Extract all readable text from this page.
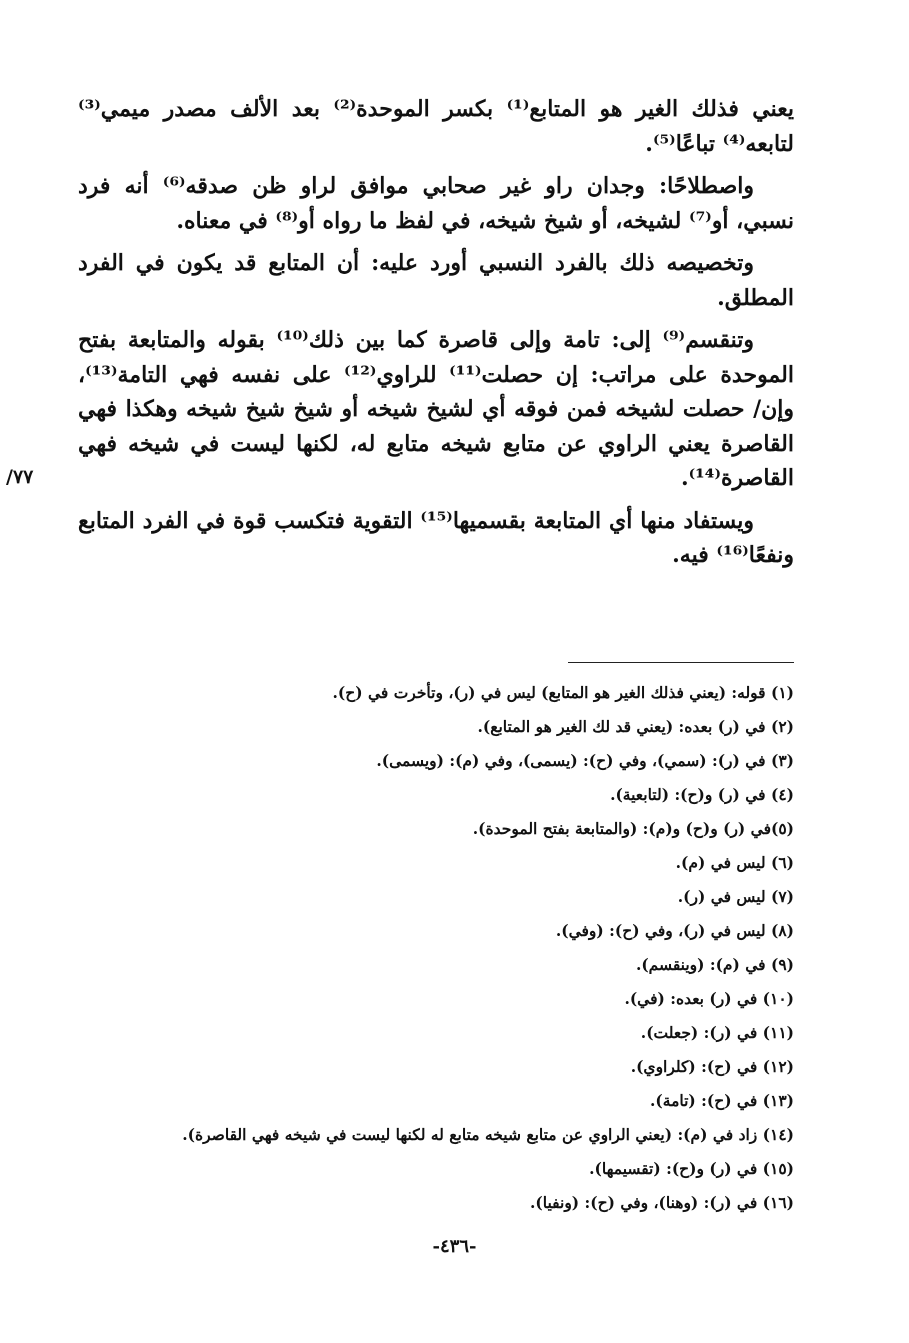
يعني فذلك الغير هو المتابع⁽¹⁾ بكسر الموحدة⁽²⁾ بعد الألف مصدر ميمي⁽³⁾ لتابعه⁽⁴⁾ تباعًا⁽⁵⁾.

واصطلاحًا: وجدان راو غير صحابي موافق لراو ظن صدقه⁽⁶⁾ أنه فرد نسبي، أو⁽⁷⁾ لشيخه، أو شيخ شيخه، في لفظ ما رواه أو⁽⁸⁾ في معناه.

وتخصيصه ذلك بالفرد النسبي أورد عليه: أن المتابع قد يكون في الفرد المطلق.

وتنقسم⁽⁹⁾ إلى: تامة وإلى قاصرة كما بين ذلك⁽¹⁰⁾ بقوله والمتابعة بفتح الموحدة على مراتب: إن حصلت⁽¹¹⁾ للراوي⁽¹²⁾ على نفسه فهي التامة⁽¹³⁾، وإن/ حصلت لشيخه فمن فوقه أي لشيخ شيخه أو شيخ شيخ شيخه وهكذا فهي القاصرة يعني الراوي عن متابع شيخه متابع له، لكنها ليست في شيخه فهي القاصرة⁽¹⁴⁾.

ويستفاد منها أي المتابعة بقسميها⁽¹⁵⁾ التقوية فتكسب قوة في الفرد المتابع ونفعًا⁽¹⁶⁾ فيه.

/٧٧
(١) قوله: (يعني فذلك الغير هو المتابع) ليس في (ر)، وتأخرت في (ح).
(٢) في (ر) بعده: (يعني قد لك الغير هو المتابع).
(٣) في (ر): (سمي)، وفي (ح): (يسمى)، وفي (م): (ويسمى).
(٤) في (ر) و(ح): (لتابعية).
(٥)في (ر) و(ح) و(م): (والمتابعة بفتح الموحدة).
(٦) ليس في (م).
(٧) ليس في (ر).
(٨) ليس في (ر)، وفي (ح): (وفي).
(٩) في (م): (وينقسم).
(١٠) في (ر) بعده: (في).
(١١) في (ر): (جعلت).
(١٢) في (ح): (كلراوي).
(١٣) في (ح): (تامة).
(١٤) زاد في (م): (يعني الراوي عن متابع شيخه متابع له لكنها ليست في شيخه فهي القاصرة).
(١٥) في (ر) و(ح): (تقسيمها).
(١٦) في (ر): (وهنا)، وفي (ح): (ونفيا).
-٤٣٦-
